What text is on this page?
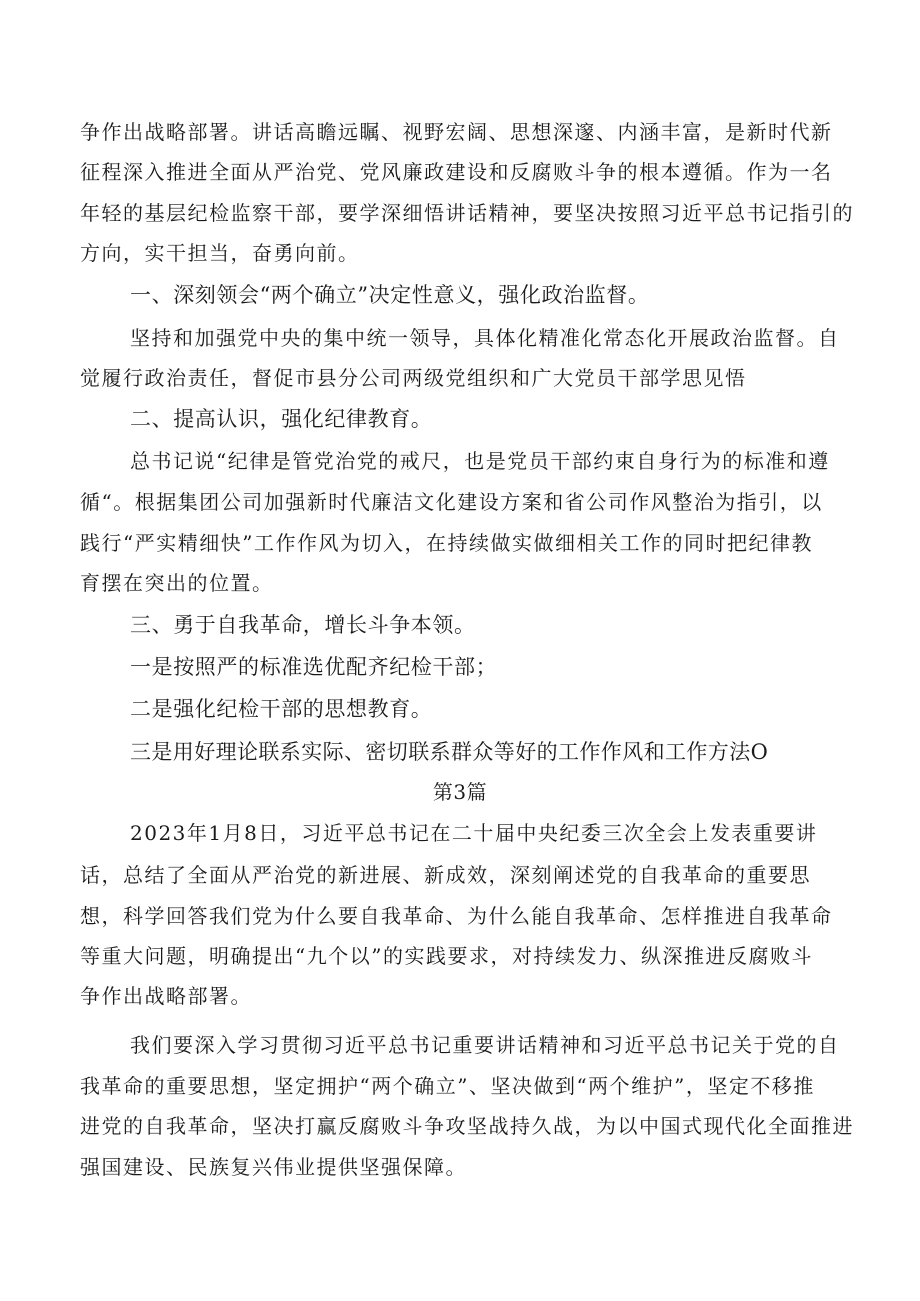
争作出战略部署。讲话高瞻远瞩、视野宏阔、思想深邃、内涵丰富，是新时代新
征程深入推进全面从严治党、党风廉政建设和反腐败斗争的根本遵循。作为一名
年轻的基层纪检监察干部，要学深细悟讲话精神，要坚决按照习近平总书记指引的
方向，实干担当，奋勇向前。
一、深刻领会“两个确立”决定性意义，强化政治监督。
坚持和加强党中央的集中统一领导，具体化精准化常态化开展政治监督。自
觉履行政治责任，督促市县分公司两级党组织和广大党员干部学思见悟
二、提高认识，强化纪律教育。
总书记说“纪律是管党治党的戒尺，也是党员干部约束自身行为的标准和遵
循“。根据集团公司加强新时代廉洁文化建设方案和省公司作风整治为指引，以
践行“严实精细快”工作作风为切入，在持续做实做细相关工作的同时把纪律教
育摆在突出的位置。
三、勇于自我革命，增长斗争本领。
一是按照严的标准选优配齐纪检干部；
二是强化纪检干部的思想教育。
三是用好理论联系实际、密切联系群众等好的工作作风和工作方法O
第3篇
2023年1月8日，习近平总书记在二十届中央纪委三次全会上发表重要讲
话，总结了全面从严治党的新进展、新成效，深刻阐述党的自我革命的重要思
想，科学回答我们党为什么要自我革命、为什么能自我革命、怎样推进自我革命
等重大问题，明确提出“九个以”的实践要求，对持续发力、纵深推进反腐败斗
争作出战略部署。
我们要深入学习贯彻习近平总书记重要讲话精神和习近平总书记关于党的自
我革命的重要思想，坚定拥护“两个确立”、坚决做到“两个维护”，坚定不移推
进党的自我革命，坚决打赢反腐败斗争攻坚战持久战，为以中国式现代化全面推进
强国建设、民族复兴伟业提供坚强保障。
